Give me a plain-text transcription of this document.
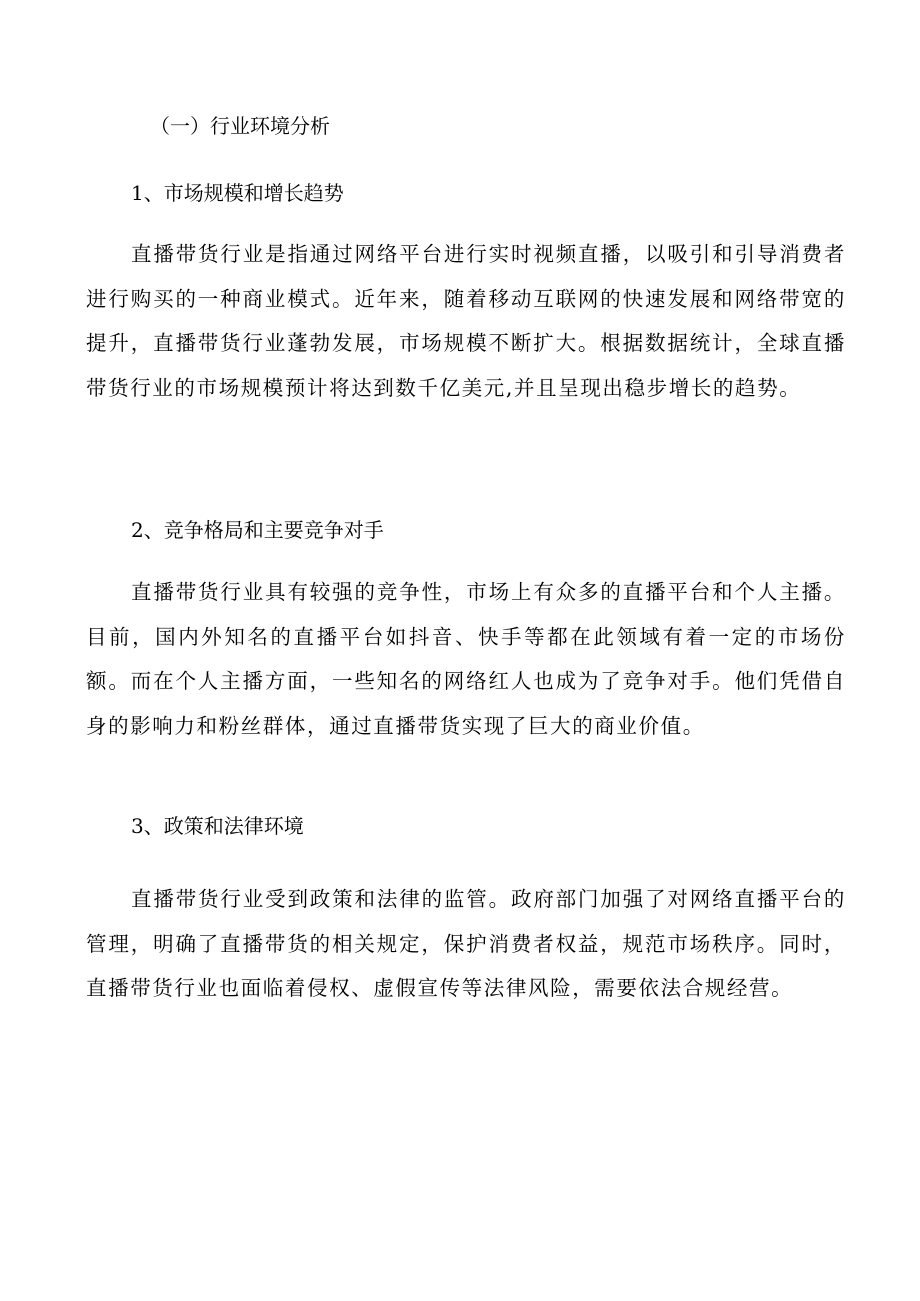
（一）行业环境分析
1、市场规模和增长趋势
直播带货行业是指通过网络平台进行实时视频直播，以吸引和引导消费者进行购买的一种商业模式。近年来，随着移动互联网的快速发展和网络带宽的提升，直播带货行业蓬勃发展，市场规模不断扩大。根据数据统计，全球直播带货行业的市场规模预计将达到数千亿美元,并且呈现出稳步增长的趋势。
2、竞争格局和主要竞争对手
直播带货行业具有较强的竞争性，市场上有众多的直播平台和个人主播。目前，国内外知名的直播平台如抖音、快手等都在此领域有着一定的市场份额。而在个人主播方面，一些知名的网络红人也成为了竞争对手。他们凭借自身的影响力和粉丝群体，通过直播带货实现了巨大的商业价值。
3、政策和法律环境
直播带货行业受到政策和法律的监管。政府部门加强了对网络直播平台的管理，明确了直播带货的相关规定，保护消费者权益，规范市场秩序。同时，直播带货行业也面临着侵权、虚假宣传等法律风险，需要依法合规经营。
